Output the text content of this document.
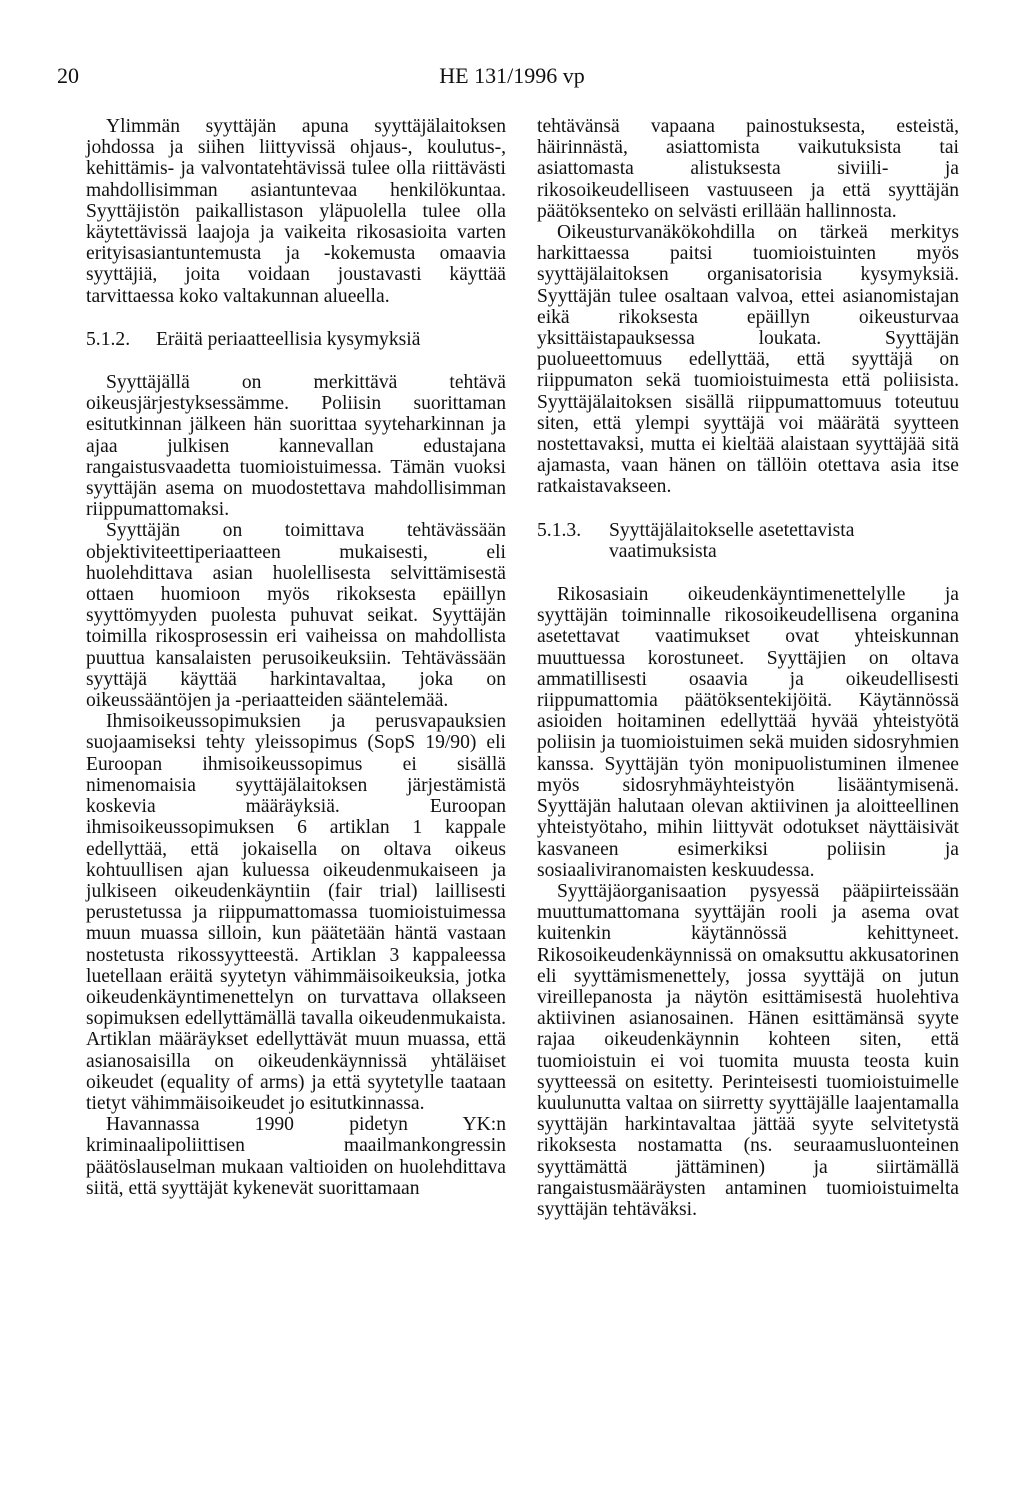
20	HE 131/1996 vp

Ylimmän syyttäjän apuna syyttäjälaitoksen johdossa ja siihen liittyvissä ohjaus-, koulutus-, kehittämis- ja valvontatehtävissä tulee olla riittävästi mahdollisimman asiantuntevaa henkilökuntaa. Syyttäjistön paikallistason yläpuolella tulee olla käytettävissä laajoja ja vaikeita rikosasioita varten erityisasiantuntemusta ja -kokemusta omaavia syyttäjiä, joita voidaan joustavasti käyttää tarvittaessa koko valtakunnan alueella.

5.1.2. Eräitä periaatteellisia kysymyksiä

Syyttäjällä on merkittävä tehtävä oikeusjärjestyksessämme. Poliisin suorittaman esitutkinnan jälkeen hän suorittaa syyteharkinnan ja ajaa julkisen kannevallan edustajana rangaistusvaadetta tuomioistuimessa. Tämän vuoksi syyttäjän asema on muodostettava mahdollisimman riippumattomaksi.

Syyttäjän on toimittava tehtävässään objektiviteettiperiaatteen mukaisesti, eli huolehdittava asian huolellisesta selvittämisestä ottaen huomioon myös rikoksesta epäillyn syyttömyyden puolesta puhuvat seikat. Syyttäjän toimilla rikosprosessin eri vaiheissa on mahdollista puuttua kansalaisten perusoikeuksiin. Tehtävässään syyttäjä käyttää harkintavaltaa, joka on oikeussääntöjen ja -periaatteiden sääntelemää.

Ihmisoikeussopimuksien ja perusvapauksien suojaamiseksi tehty yleissopimus (SopS 19/90) eli Euroopan ihmisoikeussopimus ei sisällä nimenomaisia syyttäjälaitoksen järjestämistä koskevia määräyksiä. Euroopan ihmisoikeussopimuksen 6 artiklan 1 kappale edellyttää, että jokaisella on oltava oikeus kohtuullisen ajan kuluessa oikeudenmukaiseen ja julkiseen oikeudenkäyntiin (fair trial) laillisesti perustetussa ja riippumattomassa tuomioistuimessa muun muassa silloin, kun päätetään häntä vastaan nostetusta rikossyytteestä. Artiklan 3 kappaleessa luetellaan eräitä syytetyn vähimmäisoikeuksia, jotka oikeudenkäyntimenettelyn on turvattava ollakseen sopimuksen edellyttämällä tavalla oikeudenmukaista. Artiklan määräykset edellyttävät muun muassa, että asianosaisilla on oikeudenkäynnissä yhtäläiset oikeudet (equality of arms) ja että syytetylle taataan tietyt vähimmäisoikeudet jo esitutkinnassa.

Havannassa 1990 pidetyn YK:n kriminaalipoliittisen maailmankongressin päätöslauselman mukaan valtioiden on huolehdittava siitä, että syyttäjät kykenevät suorittamaan

tehtävänsä vapaana painostuksesta, esteistä, häirinnästä, asiattomista vaikutuksista tai asiattomasta alistuksesta siviili- ja rikosoikeudelliseen vastuuseen ja että syyttäjän päätöksenteko on selvästi erillään hallinnosta.

Oikeusturvanäkökohdilla on tärkeä merkitys harkittaessa paitsi tuomioistuinten myös syyttäjälaitoksen organisatorisia kysymyksiä. Syyttäjän tulee osaltaan valvoa, ettei asianomistajan eikä rikoksesta epäillyn oikeusturvaa yksittäistapauksessa loukata. Syyttäjän puolueettomuus edellyttää, että syyttäjä on riippumaton sekä tuomioistuimesta että poliisista. Syyttäjälaitoksen sisällä riippumattomuus toteutuu siten, että ylempi syyttäjä voi määrätä syytteen nostettavaksi, mutta ei kieltää alaistaan syyttäjää sitä ajamasta, vaan hänen on tällöin otettava asia itse ratkaistavakseen.

5.1.3.	Syyttäjälaitokselle asetettavista vaatimuksista

Rikosasiain oikeudenkäyntimenettelylle ja syyttäjän toiminnalle rikosoikeudellisena organina asetettavat vaatimukset ovat yhteiskunnan muuttuessa korostuneet. Syyttäjien on oltava ammatillisesti osaavia ja oikeudellisesti riippumattomia päätöksentekijöitä. Käytännössä asioiden hoitaminen edellyttää hyvää yhteistyötä poliisin ja tuomioistuimen sekä muiden sidosryhmien kanssa. Syyttäjän työn monipuolistuminen ilmenee myös sidosryhmäyhteistyön lisääntymisenä. Syyttäjän halutaan olevan aktiivinen ja aloitteellinen yhteistyötaho, mihin liittyvät odotukset näyttäisivät kasvaneen esimerkiksi poliisin ja sosiaaliviranomaisten keskuudessa.

Syyttäjäorganisaation pysyessä pääpiirteissään muuttumattomana syyttäjän rooli ja asema ovat kuitenkin käytännössä kehittyneet. Rikosoikeudenkäynnissä on omaksuttu akkusatorinen eli syyttämismenettely, jossa syyttäjä on jutun vireillepanosta ja näytön esittämisestä huolehtiva aktiivinen asianosainen. Hänen esittämänsä syyte rajaa oikeudenkäynnin kohteen siten, että tuomioistuin ei voi tuomita muusta teosta kuin syytteessä on esitetty. Perinteisesti tuomioistuimelle kuulunutta valtaa on siirretty syyttäjälle laajentamalla syyttäjän harkintavaltaa jättää syyte selvitetystä rikoksesta nostamatta (ns. seuraamusluonteinen syyttämättä jättäminen) ja siirtämällä rangaistusmääräysten antaminen tuomioistuimelta syyttäjän tehtäväksi.
